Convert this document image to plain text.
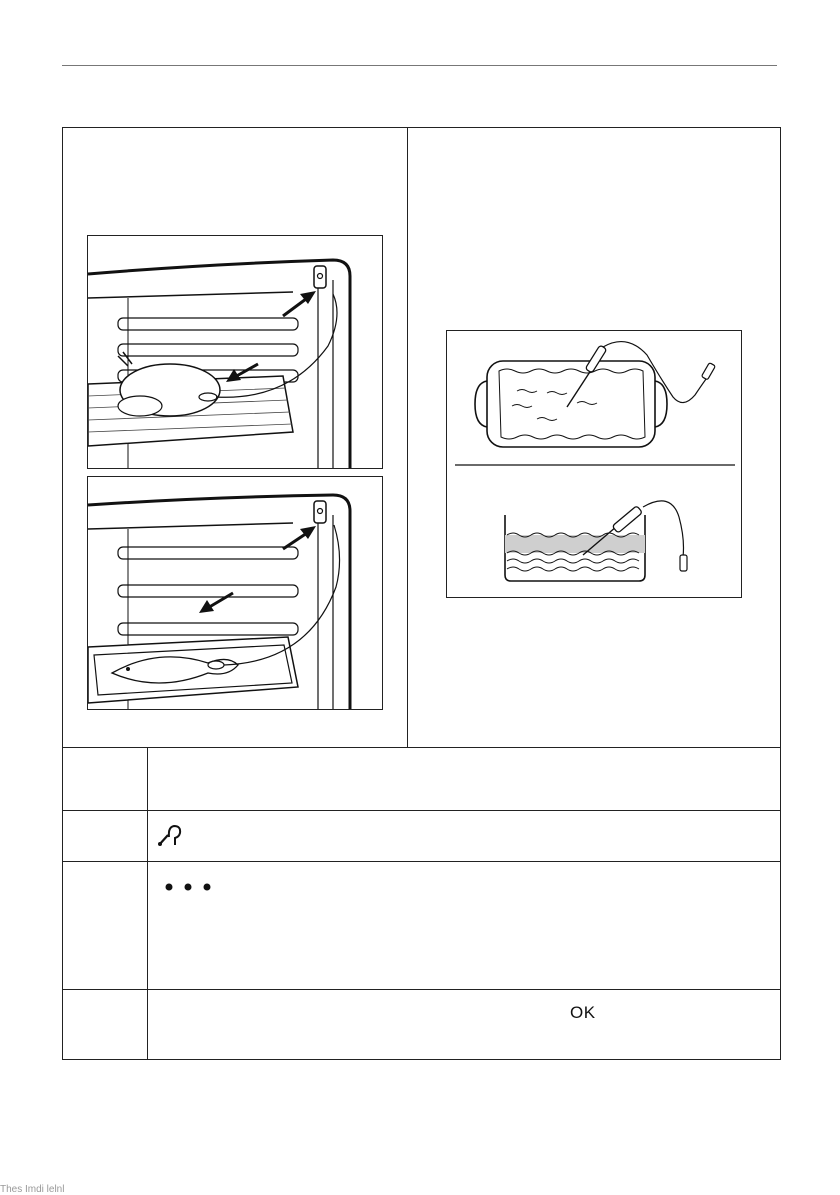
OK
Thes Imdi lelnl
